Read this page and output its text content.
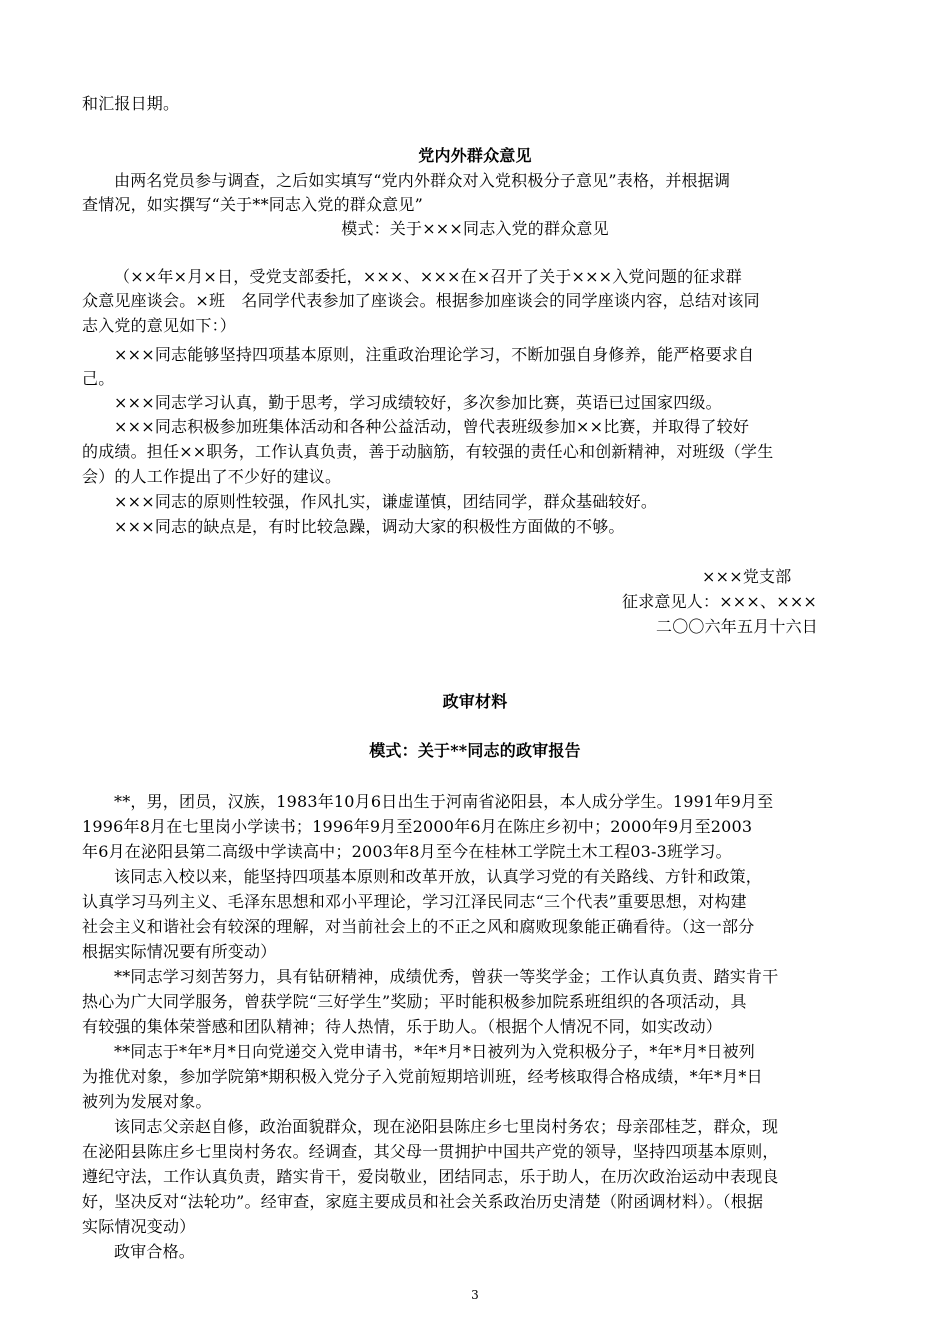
和汇报日期。
党内外群众意见
由两名党员参与调查，之后如实填写“党内外群众对入党积极分子意见”表格，并根据调
查情况，如实撰写“关于**同志入党的群众意见”
模式：关于×××同志入党的群众意见
（××年×月×日，受党支部委托，×××、×××在×召开了关于×××入党问题的征求群
众意见座谈会。×班　名同学代表参加了座谈会。根据参加座谈会的同学座谈内容，总结对该同
志入党的意见如下：）
×××同志能够坚持四项基本原则，注重政治理论学习，不断加强自身修养，能严格要求自
己。
×××同志学习认真，勤于思考，学习成绩较好，多次参加比赛，英语已过国家四级。
×××同志积极参加班集体活动和各种公益活动，曾代表班级参加××比赛，并取得了较好
的成绩。担任××职务，工作认真负责，善于动脑筋，有较强的责任心和创新精神，对班级（学生
会）的人工作提出了不少好的建议。
×××同志的原则性较强，作风扎实，谦虚谨慎，团结同学，群众基础较好。
×××同志的缺点是，有时比较急躁，调动大家的积极性方面做的不够。
×××党支部
征求意见人：×××、×××
二〇〇六年五月十六日
政审材料
模式：关于**同志的政审报告
**，男，团员，汉族，1983年10月6日出生于河南省泌阳县，本人成分学生。1991年9月至
1996年8月在七里岗小学读书；1996年9月至2000年6月在陈庄乡初中；2000年9月至2003
年6月在泌阳县第二高级中学读高中；2003年8月至今在桂林工学院土木工程03-3班学习。
该同志入校以来，能坚持四项基本原则和改革开放，认真学习党的有关路线、方针和政策，
认真学习马列主义、毛泽东思想和邓小平理论，学习江泽民同志“三个代表”重要思想，对构建
社会主义和谐社会有较深的理解，对当前社会上的不正之风和腐败现象能正确看待。（这一部分
根据实际情况要有所变动）
**同志学习刻苦努力，具有钻研精神，成绩优秀，曾获一等奖学金；工作认真负责、踏实肯干
热心为广大同学服务，曾获学院“三好学生”奖励；平时能积极参加院系班组织的各项活动，具
有较强的集体荣誉感和团队精神；待人热情，乐于助人。（根据个人情况不同，如实改动）
**同志于*年*月*日向党递交入党申请书，*年*月*日被列为入党积极分子，*年*月*日被列
为推优对象，参加学院第*期积极入党分子入党前短期培训班，经考核取得合格成绩，*年*月*日
被列为发展对象。
该同志父亲赵自修，政治面貌群众，现在泌阳县陈庄乡七里岗村务农；母亲邵桂芝，群众，现
在泌阳县陈庄乡七里岗村务农。经调查，其父母一贯拥护中国共产党的领导，坚持四项基本原则，
遵纪守法，工作认真负责，踏实肯干，爱岗敬业，团结同志，乐于助人，在历次政治运动中表现良
好，坚决反对“法轮功”。经审查，家庭主要成员和社会关系政治历史清楚（附函调材料）。（根据
实际情况变动）
政审合格。
3
